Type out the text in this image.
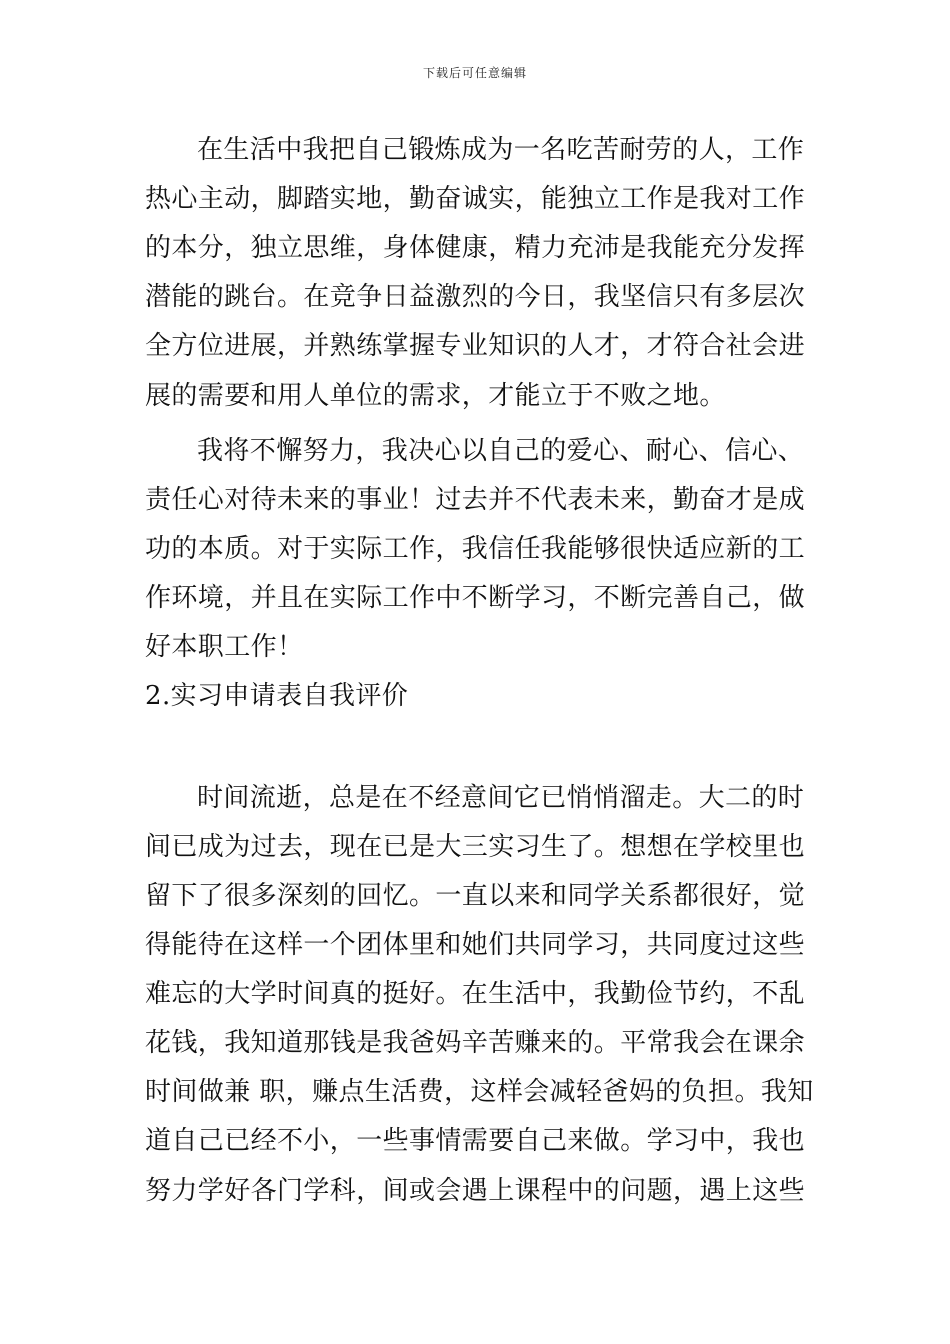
下载后可任意编辑
在生活中我把自己锻炼成为一名吃苦耐劳的人，工作
热心主动，脚踏实地，勤奋诚实，能独立工作是我对工作
的本分，独立思维，身体健康，精力充沛是我能充分发挥
潜能的跳台。在竞争日益激烈的今日，我坚信只有多层次
全方位进展，并熟练掌握专业知识的人才，才符合社会进
展的需要和用人单位的需求，才能立于不败之地。
我将不懈努力，我决心以自己的爱心、耐心、信心、
责任心对待未来的事业！过去并不代表未来，勤奋才是成
功的本质。对于实际工作，我信任我能够很快适应新的工
作环境，并且在实际工作中不断学习，不断完善自己，做
好本职工作！
2.实习申请表自我评价
时间流逝，总是在不经意间它已悄悄溜走。大二的时
间已成为过去，现在已是大三实习生了。想想在学校里也
留下了很多深刻的回忆。一直以来和同学关系都很好，觉
得能待在这样一个团体里和她们共同学习，共同度过这些
难忘的大学时间真的挺好。在生活中，我勤俭节约，不乱
花钱，我知道那钱是我爸妈辛苦赚来的。平常我会在课余
时间做兼 职，赚点生活费，这样会减轻爸妈的负担。我知
道自己已经不小，一些事情需要自己来做。学习中，我也
努力学好各门学科，间或会遇上课程中的问题，遇上这些
